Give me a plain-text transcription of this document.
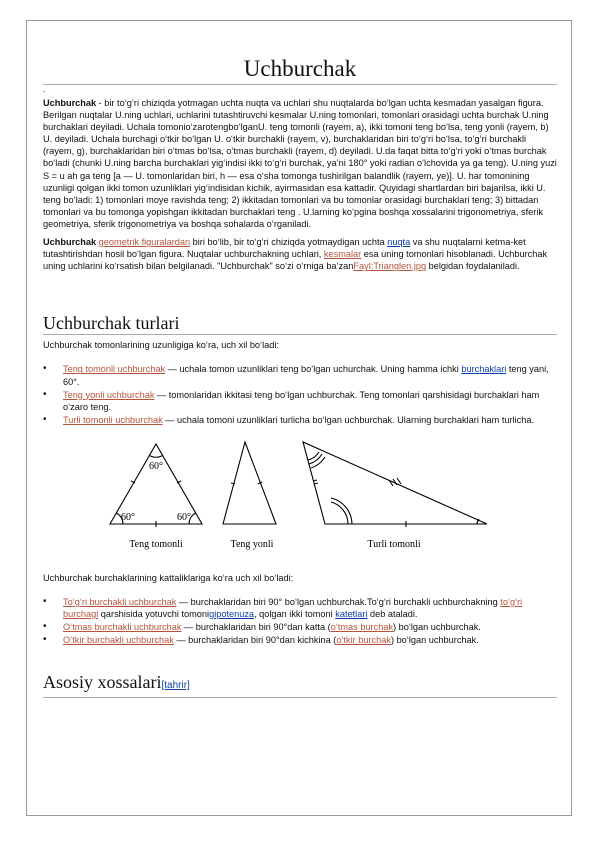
Uchburchak
-

Uchburchak - bir to‘g‘ri chiziqda yotmagan uchta nuqta va uchlari shu nuqtalarda bo‘lgan uchta kesmadan yasalgan figura. Berilgan nuqtalar U.ning uchlari, uchlarini tutashtiruvchi kesmalar U.ning tomonlari, tomonlari orasidagi uchta burchak U.ning burchaklari deyiladi. Uchala tomonio‘zarotengbo‘lganU. teng tomonli (rayem, a), ikki tomoni teng bo‘lsa, teng yonli (rayem, b) U. deyiladi. Uchala burchagi o‘tkir bo‘lgan U. o‘tkir burchakli (rayem, v), burchaklaridan biri to‘g‘ri bo‘lsa, to‘g‘ri burchakli (rayem, g), burchaklaridan biri o‘tmas bo‘lsa, o‘tmas burchakli (rayem, d) deyiladi. U.da faqat bitta to‘g‘ri yoki o‘tmas burchak bo‘ladi (chunki U.ning barcha burchaklari yig‘indisi ikki to‘g‘ri burchak, ya’ni 180° yoki radian o‘lchovida ya ga teng). U.ning yuzi S = u ah ga teng [a — U. tomonlaridan biri, h — esa o‘sha tomonga tushirilgan balandlik (rayem, ye)]. U. har tomonining uzunligi qolgan ikki tomon uzunliklari yig‘indisidan kichik, ayirmasidan esa kattadir. Quyidagi shartlardan biri bajarilsa, ikki U. teng bo‘ladi: 1) tomonlari moye ravishda teng; 2) ikkitadan tomonlari va bu tomonlar orasidagi burchaklari teng; 3) bittadan tomonlari va bu tomonga yopishgan ikkitadan burchaklari teng . U.larning ko‘pgina boshqa xossalarini trigonometriya, sferik geometriya, sferik trigonometriya va boshqa sohalarda o‘rganiladi.

Uchburchak geometrik figuralardan biri bo‘lib, bir to‘g‘ri chiziqda yotmaydigan uchta nuqta va shu nuqtalarni ketma-ket tutashtirishdan hosil bo‘lgan figura. Nuqtalar uchburchakning uchlari, kesmalar esa uning tomonlari hisoblanadi. Uchburchak uning uchlarini ko‘rsatish bilan belgilanadi. "Uchburchak" so‘zi o‘rniga ba’zanFayl:Trianglen.jpg belgidan foydalaniladi.

Uchburchak turlari

Uchburchak tomonlarining uzunligiga ko‘ra, uch xil bo‘ladi:

• Teng tomonli uchburchak — uchala tomon uzunliklari teng bo‘lgan uchurchak. Uning hamma ichki burchaklari teng yani, 60°.
• Teng yonli uchburchak — tomonlaridan ikkitasi teng bo‘lgan uchburchak. Teng tomonlari qarshisidagi burchaklari ham o‘zaro teng.
• Turli tomonli uchburchak — uchala tomoni uzunliklari turlicha bo‘lgan uchburchak. Ularning burchaklari ham turlicha.
60°
60°	60°
Teng tomonli	Teng yonli	Turli tomonli

Uchburchak burchaklarining kattaliklariga ko‘ra uch xil bo‘ladi:

• To‘g‘ri burchakli uchburchak — burchaklaridan biri 90° bo‘lgan uchburchak.To‘g‘ri burchakli uchburchakning to‘g‘ri burchagi qarshisida yotuvchi tomonigipotenuza, qolgan ikki tomoni katetlari deb ataladi.
• O‘tmas burchakli uchburchak — burchaklaridan biri 90°dan katta (o‘tmas burchak) bo‘lgan uchburchak.
• O‘tkir burchakli uchburchak — burchaklaridan biri 90°dan kichkina (o‘tkir burchak) bo‘lgan uchburchak.
Asosiy xossalari[tahrir]
